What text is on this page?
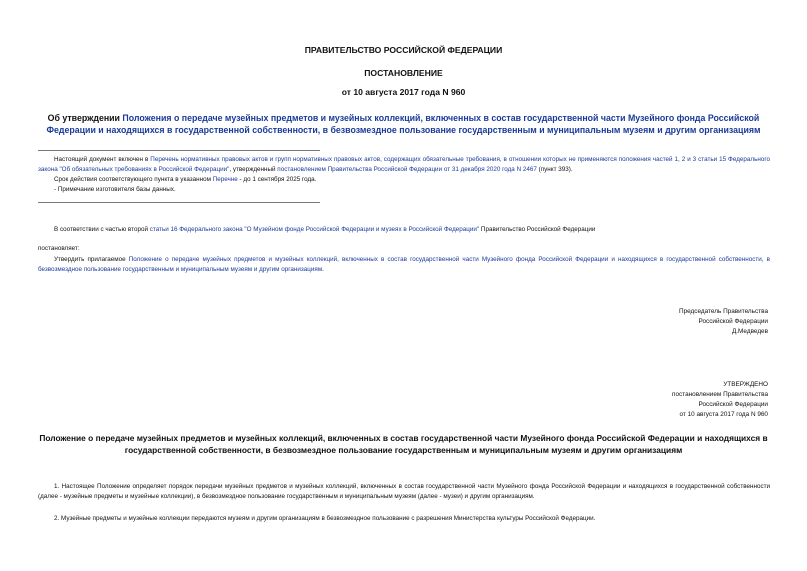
ПРАВИТЕЛЬСТВО РОССИЙСКОЙ ФЕДЕРАЦИИ
ПОСТАНОВЛЕНИЕ
от 10 августа 2017 года N 960
Об утверждении Положения о передаче музейных предметов и музейных коллекций, включенных в состав государственной части Музейного фонда Российской Федерации и находящихся в государственной собственности, в безвозмездное пользование государственным и муниципальным музеям и другим организациям
Настоящий документ включен в Перечень нормативных правовых актов и групп нормативных правовых актов, содержащих обязательные требования, в отношении которых не применяются положения частей 1, 2 и 3 статьи 15 Федерального закона "Об обязательных требованиях в Российской Федерации", утвержденный постановлением Правительства Российской Федерации от 31 декабря 2020 года N 2467 (пункт 393).
Срок действия соответствующего пункта в указанном Перечне - до 1 сентября 2025 года.
- Примечание изготовителя базы данных.
В соответствии с частью второй статьи 16 Федерального закона "О Музейном фонде Российской Федерации и музеях в Российской Федерации" Правительство Российской Федерации
постановляет:
Утвердить прилагаемое Положение о передаче музейных предметов и музейных коллекций, включенных в состав государственной части Музейного фонда Российской Федерации и находящихся в государственной собственности, в безвозмездное пользование государственным и муниципальным музеям и другим организациям.
Председатель Правительства
Российской Федерации
Д.Медведев
УТВЕРЖДЕНО
постановлением Правительства
Российской Федерации
от 10 августа 2017 года N 960
Положение о передаче музейных предметов и музейных коллекций, включенных в состав государственной части Музейного фонда Российской Федерации и находящихся в государственной собственности, в безвозмездное пользование государственным и муниципальным музеям и другим организациям
1. Настоящее Положение определяет порядок передачи музейных предметов и музейных коллекций, включенных в состав государственной части Музейного фонда Российской Федерации и находящихся в государственной собственности (далее - музейные предметы и музейные коллекции), в безвозмездное пользование государственным и муниципальным музеям (далее - музеи) и другим организациям.
2. Музейные предметы и музейные коллекции передаются музеям и другим организациям в безвозмездное пользование с разрешения Министерства культуры Российской Федерации.
